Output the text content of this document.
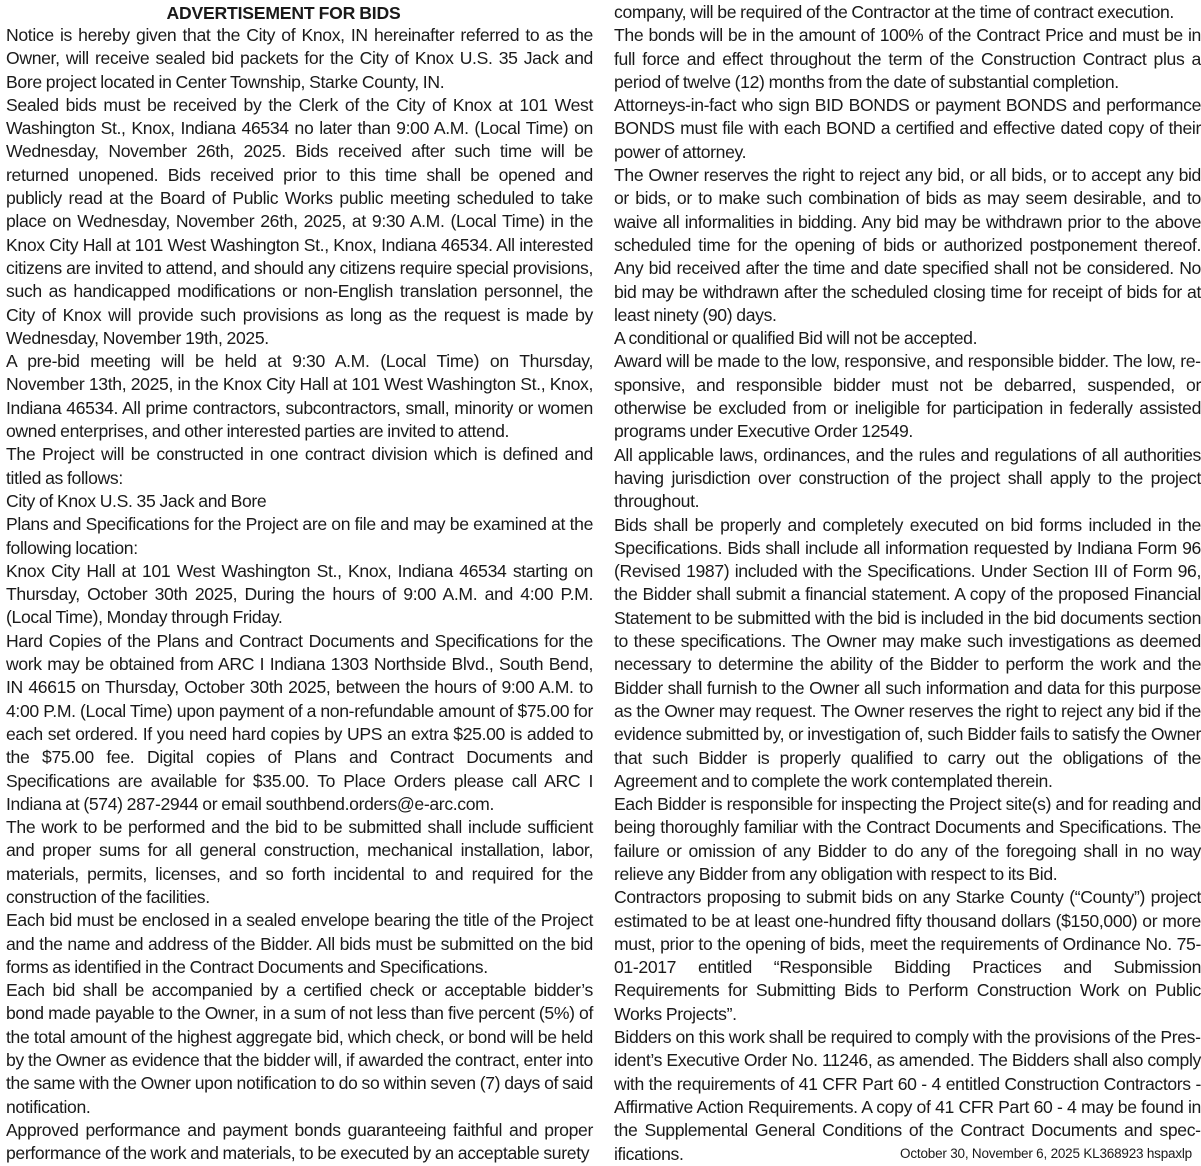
ADVERTISEMENT FOR BIDS

Notice is hereby given that the City of Knox, IN hereinafter referred to as the Owner, will receive sealed bid packets for the City of Knox U.S. 35 Jack and Bore project located in Center Township, Starke County, IN.

Sealed bids must be received by the Clerk of the City of Knox at 101 West Washington St., Knox, Indiana 46534 no later than 9:00 A.M. (Local Time) on Wednesday, November 26th, 2025. Bids received after such time will be returned unopened. Bids received prior to this time shall be opened and publicly read at the Board of Public Works public meeting scheduled to take place on Wednesday, November 26th, 2025, at 9:30 A.M. (Local Time) in the Knox City Hall at 101 West Washington St., Knox, Indiana 46534. All interested citizens are invited to attend, and should any citizens require special provisions, such as handicapped modifications or non-English translation personnel, the City of Knox will provide such provisions as long as the request is made by Wednesday, November 19th, 2025.

A pre-bid meeting will be held at 9:30 A.M. (Local Time) on Thursday, November 13th, 2025, in the Knox City Hall at 101 West Washington St., Knox, Indiana 46534. All prime contractors, subcontractors, small, minority or women owned enterprises, and other interested parties are invited to attend.

The Project will be constructed in one contract division which is defined and titled as follows:

City of Knox U.S. 35 Jack and Bore

Plans and Specifications for the Project are on file and may be examined at the following location:

Knox City Hall at 101 West Washington St., Knox, Indiana 46534 starting on Thursday, October 30th 2025, During the hours of 9:00 A.M. and 4:00 P.M. (Local Time), Monday through Friday.

Hard Copies of the Plans and Contract Documents and Specifications for the work may be obtained from ARC I Indiana 1303 Northside Blvd., South Bend, IN 46615 on Thursday, October 30th 2025, between the hours of 9:00 A.M. to 4:00 P.M. (Local Time) upon payment of a non-refundable amount of $75.00 for each set ordered. If you need hard copies by UPS an extra $25.00 is added to the $75.00 fee. Digital copies of Plans and Contract Documents and Specifications are available for $35.00. To Place Orders please call ARC I Indiana at (574) 287-2944 or email southbend.orders@e-arc.com.

The work to be performed and the bid to be submitted shall include sufficient and proper sums for all general construction, mechanical installation, labor, materials, permits, licenses, and so forth incidental to and required for the construction of the facilities.

Each bid must be enclosed in a sealed envelope bearing the title of the Project and the name and address of the Bidder. All bids must be submitted on the bid forms as identified in the Contract Documents and Specifications.

Each bid shall be accompanied by a certified check or acceptable bidder’s bond made payable to the Owner, in a sum of not less than five percent (5%) of the total amount of the highest aggregate bid, which check, or bond will be held by the Owner as evidence that the bidder will, if awarded the contract, enter into the same with the Owner upon notification to do so within seven (7) days of said notification.

Approved performance and payment bonds guaranteeing faithful and proper performance of the work and materials, to be executed by an acceptable surety

company, will be required of the Contractor at the time of contract execution.

The bonds will be in the amount of 100% of the Contract Price and must be in full force and effect throughout the term of the Construction Contract plus a period of twelve (12) months from the date of substantial completion.

Attorneys-in-fact who sign BID BONDS or payment BONDS and performance BONDS must file with each BOND a certified and effective dated copy of their power of attorney.

The Owner reserves the right to reject any bid, or all bids, or to accept any bid or bids, or to make such combination of bids as may seem desirable, and to waive all informalities in bidding. Any bid may be withdrawn prior to the above scheduled time for the opening of bids or authorized postponement thereof. Any bid received after the time and date specified shall not be considered. No bid may be withdrawn after the scheduled closing time for receipt of bids for at least ninety (90) days.

A conditional or qualified Bid will not be accepted.

Award will be made to the low, responsive, and responsible bidder. The low, responsive, and responsible bidder must not be debarred, suspended, or otherwise be excluded from or ineligible for participation in federally assisted programs under Executive Order 12549.

All applicable laws, ordinances, and the rules and regulations of all authorities having jurisdiction over construction of the project shall apply to the project throughout.

Bids shall be properly and completely executed on bid forms included in the Specifications. Bids shall include all information requested by Indiana Form 96 (Revised 1987) included with the Specifications. Under Section III of Form 96, the Bidder shall submit a financial statement. A copy of the proposed Financial Statement to be submitted with the bid is included in the bid documents section to these specifications. The Owner may make such investigations as deemed necessary to determine the ability of the Bidder to perform the work and the Bidder shall furnish to the Owner all such information and data for this purpose as the Owner may request. The Owner reserves the right to reject any bid if the evidence submitted by, or investigation of, such Bidder fails to satisfy the Owner that such Bidder is properly qualified to carry out the obligations of the Agreement and to complete the work contemplated therein.

Each Bidder is responsible for inspecting the Project site(s) and for reading and being thoroughly familiar with the Contract Documents and Specifications. The failure or omission of any Bidder to do any of the foregoing shall in no way relieve any Bidder from any obligation with respect to its Bid.

Contractors proposing to submit bids on any Starke County (“County”) project estimated to be at least one-hundred fifty thousand dollars ($150,000) or more must, prior to the opening of bids, meet the requirements of Ordinance No. 75-01-2017 entitled “Responsible Bidding Practices and Submission Requirements for Submitting Bids to Perform Construction Work on Public Works Projects”.

Bidders on this work shall be required to comply with the provisions of the President’s Executive Order No. 11246, as amended. The Bidders shall also comply with the requirements of 41 CFR Part 60 - 4 entitled Construction Contractors - Affirmative Action Requirements. A copy of 41 CFR Part 60 - 4 may be found in the Supplemental General Conditions of the Contract Documents and specifications.	October 30, November 6, 2025 KL368923 hspaxlp
